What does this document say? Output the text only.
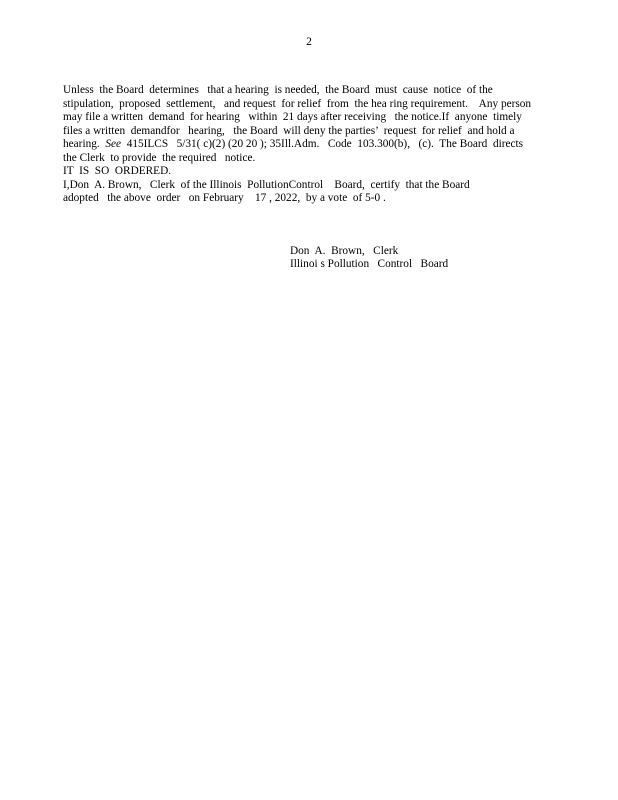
2

Unless  the Board  determines   that a hearing  is needed,  the Board  must  cause  notice  of the

stipulation,  proposed  settlement,   and request  for relief  from  the hea ring requirement.    Any person

may file a written  demand  for hearing   within  21 days after receiving   the notice.If  anyone  timely

files a written  demandfor   hearing,   the Board  will deny the parties’  request  for relief  and hold a

hearing.  See  415ILCS   5/31( c)(2) (20 20 ); 35Ill.Adm.   Code  103.300(b),   (c).  The Board  directs

the Clerk  to provide  the required   notice.

IT  IS  SO  ORDERED.

I,Don  A. Brown,   Clerk  of the Illinois  PollutionControl    Board,  certify  that the Board

adopted   the above  order   on February    17 , 2022,  by a vote  of 5-0 .

Don  A.  Brown,   Clerk

Illinoi s Pollution   Control   Board
